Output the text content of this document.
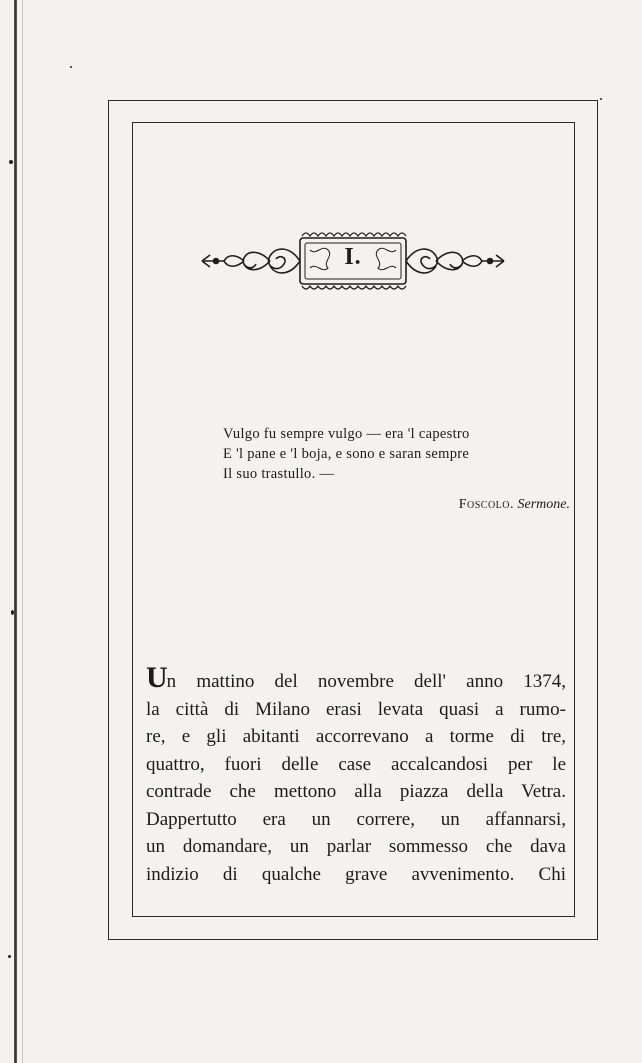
I.
Vulgo fu sempre vulgo — era 'l capestro
E 'l pane e 'l boja, e sono e saran sempre
Il suo trastullo. —
Foscolo. Sermone.
Un mattino del novembre dell' anno 1374,
la città di Milano erasi levata quasi a rumo-
re, e gli abitanti accorrevano a torme di tre,
quattro, fuori delle case accalcandosi per le
contrade che mettono alla piazza della Vetra.
Dappertutto era un correre, un affannarsi,
un domandare, un parlar sommesso che dava
indizio di qualche grave avvenimento. Chi
